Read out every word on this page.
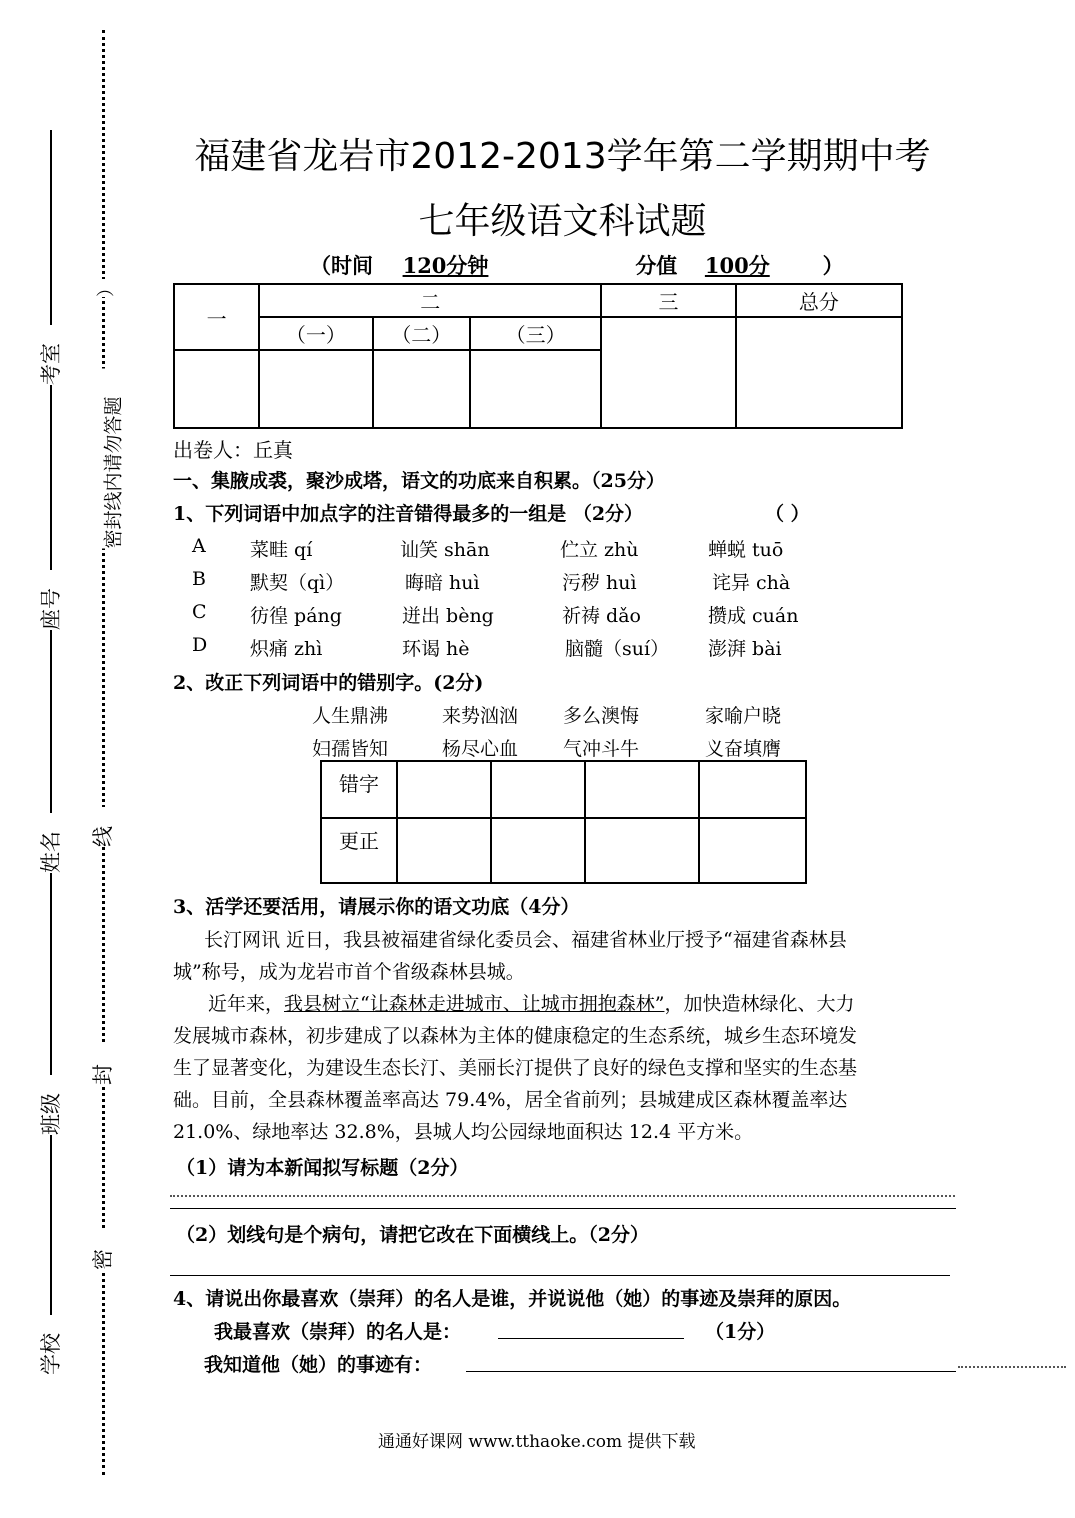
考室
座号
姓名
班级
学校
密封线内请勿答题
）
线
封
密
福建省龙岩市2012-2013学年第二学期期中考
七年级语文科试题
（时间 120分钟	分值 100分	）
一	二			三	总分
	（一）	（二）	（三）		

出卷人：丘真
一、集腋成裘，聚沙成塔，语文的功底来自积累。（25分）
1、下列词语中加点字的注音错得最多的一组是 （2分）	（ ）
A 菜畦 qí	讪笑 shān	伫立 zhù	蝉蜕 tuō
B 默契（qì）	晦暗 huì	污秽 huì	诧异 chà
C 彷徨 páng	迸出 bèng	祈祷 dǎo	攒成 cuán
D 炽痛 zhì	环谒 hè	脑髓（suí） 澎湃 bài
2、改正下列词语中的错别字。(2分)
人生鼎沸	来势汹汹 多么澳悔	家喻户晓
妇孺皆知	杨尽心血 气冲斗牛	义奋填膺
错字				
更正				
3、活学还要活用，请展示你的语文功底（4分）
长汀网讯 近日，我县被福建省绿化委员会、福建省林业厅授予“福建省森林县
城”称号，成为龙岩市首个省级森林县城。
近年来，我县树立“让森林走进城市、让城市拥抱森林”，加快造林绿化、大力
发展城市森林，初步建成了以森林为主体的健康稳定的生态系统，城乡生态环境发
生了显著变化，为建设生态长汀、美丽长汀提供了良好的绿色支撑和坚实的生态基
础。目前，全县森林覆盖率高达 79.4%，居全省前列；县城建成区森林覆盖率达
21.0%、绿地率达 32.8%，县城人均公园绿地面积达 12.4 平方米。
（1）请为本新闻拟写标题（2分）
（2）划线句是个病句，请把它改在下面横线上。（2分）
4、请说出你最喜欢（崇拜）的名人是谁，并说说他（她）的事迹及崇拜的原因。
我最喜欢（崇拜）的名人是：	（1分）
我知道他（她）的事迹有：
通通好课网 www.tthaoke.com 提供下载
